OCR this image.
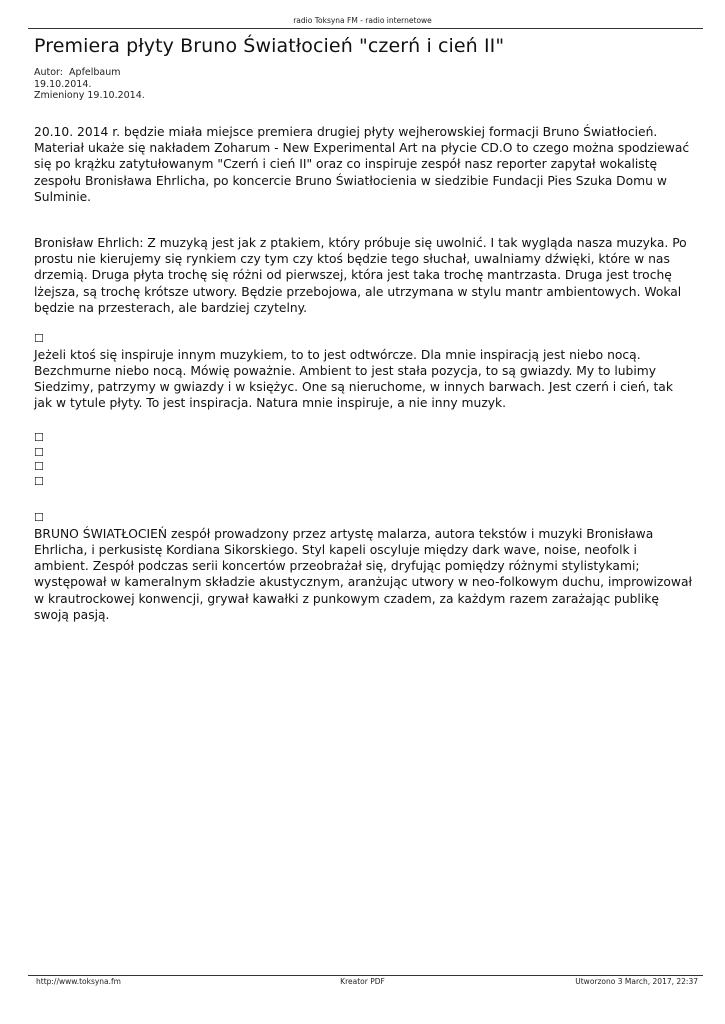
radio Toksyna FM - radio internetowe
Premiera płyty Bruno Światłocień "czerń i cień II"
Autor: Apfelbaum
19.10.2014.
Zmieniony 19.10.2014.

20.10. 2014 r. będzie miała miejsce premiera drugiej płyty wejherowskiej formacji Bruno Światłocień. Materiał ukaże się nakładem Zoharum - New Experimental Art na płycie CD.O to czego można spodziewać się po krążku zatytułowanym "Czerń i cień II" oraz co inspiruje zespół nasz reporter zapytał wokalistę zespołu Bronisława Ehrlicha, po koncercie Bruno Światłocienia w siedzibie Fundacji Pies Szuka Domu w Sulminie.

Bronisław Ehrlich: Z muzyką jest jak z ptakiem, który próbuje się uwolnić. I tak wygląda nasza muzyka. Po prostu nie kierujemy się rynkiem czy tym czy ktoś będzie tego słuchał, uwalniamy dźwięki, które w nas drzemią. Druga płyta trochę się różni od pierwszej, która jest taka trochę mantrzasta. Druga jest trochę lżejsza, są trochę krótsze utwory. Będzie przebojowa, ale utrzymana w stylu mantr ambientowych. Wokal będzie na przesterach, ale bardziej czytelny.

☐

Jeżeli ktoś się inspiruje innym muzykiem, to to jest odtwórcze. Dla mnie inspiracją jest niebo nocą. Bezchmurne niebo nocą. Mówię poważnie. Ambient to jest stała pozycja, to są gwiazdy. My to lubimy Siedzimy, patrzymy w gwiazdy i w księżyc. One są nieruchome, w innych barwach. Jest czerń i cień, tak jak w tytule płyty. To jest inspiracja. Natura mnie inspiruje, a nie inny muzyk.

☐
☐
☐
☐
☐

BRUNO ŚWIATŁOCIEŃ zespół prowadzony przez artystę malarza, autora tekstów i muzyki Bronisława Ehrlicha, i perkusistę Kordiana Sikorskiego. Styl kapeli oscyluje między dark wave, noise, neofolk i ambient. Zespół podczas serii koncertów przeobrażał się, dryfując pomiędzy różnymi stylistykami; występował w kameralnym składzie akustycznym, aranżując utwory w neo-folkowym duchu, improwizował w krautrockowej konwencji, grywał kawałki z punkowym czadem, za każdym razem zarażając publikę swoją pasją.

http://www.toksyna.fm	Kreator PDF	Utworzono 3 March, 2017, 22:37
